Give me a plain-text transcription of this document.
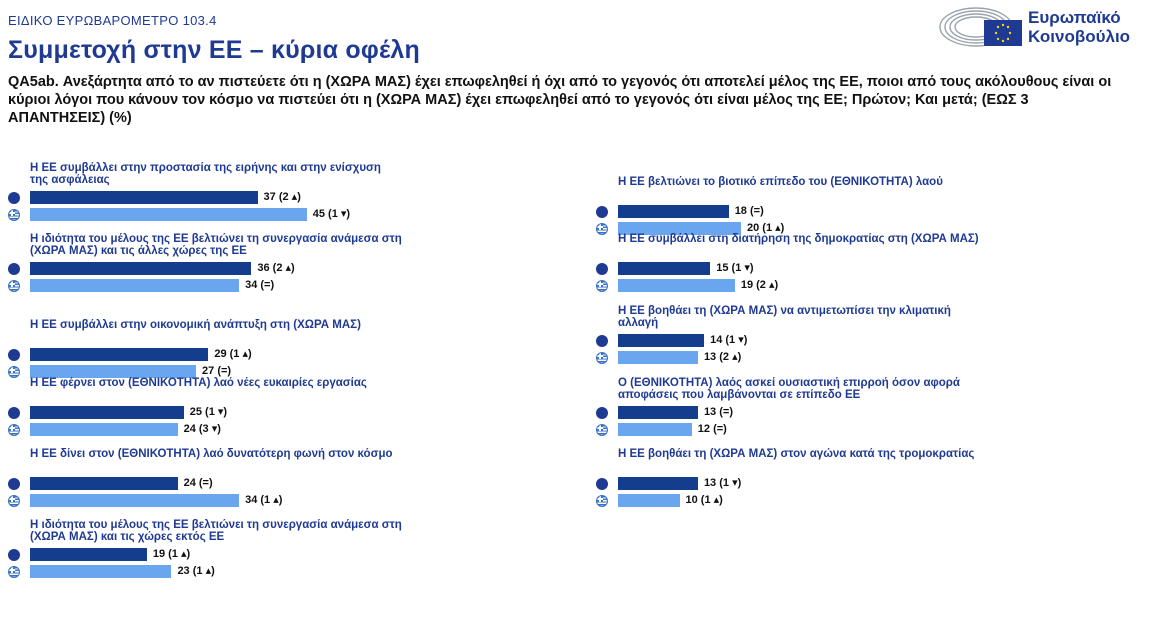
ΕΙΔΙΚΟ ΕΥΡΩΒΑΡΟΜΕΤΡΟ 103.4
Συμμετοχή στην ΕΕ – κύρια οφέλη
QA5ab. Ανεξάρτητα από το αν πιστεύετε ότι η (ΧΩΡΑ ΜΑΣ) έχει επωφεληθεί ή όχι από το γεγονός ότι αποτελεί μέλος της ΕΕ, ποιοι από τους ακόλουθους είναι οι κύριοι λόγοι που κάνουν τον κόσμο να πιστεύει ότι η (ΧΩΡΑ ΜΑΣ) έχει επωφεληθεί από το γεγονός ότι είναι μέλος της ΕΕ; Πρώτον; Και μετά; (ΕΩΣ 3 ΑΠΑΝΤΗΣΕΙΣ) (%)
Ευρωπαϊκό
Κοινοβούλιο
Η ΕΕ συμβάλλει στην προστασία της ειρήνης και στην ενίσχυση της ασφάλειας
37 (2 ▴)
45 (1 ▾)
Η ιδιότητα του μέλους της ΕΕ βελτιώνει τη συνεργασία ανάμεσα στη (ΧΩΡΑ ΜΑΣ) και τις άλλες χώρες της ΕΕ
36 (2 ▴)
34 (=)
Η ΕΕ συμβάλλει στην οικονομική ανάπτυξη στη (ΧΩΡΑ ΜΑΣ)
29 (1 ▴)
27 (=)
Η ΕΕ φέρνει στον (ΕΘΝΙΚΟΤΗΤΑ) λαό νέες ευκαιρίες εργασίας
25 (1 ▾)
24 (3 ▾)
Η ΕΕ δίνει στον (ΕΘΝΙΚΟΤΗΤΑ) λαό δυνατότερη φωνή στον κόσμο
24 (=)
34 (1 ▴)
Η ιδιότητα του μέλους της ΕΕ βελτιώνει τη συνεργασία ανάμεσα στη (ΧΩΡΑ ΜΑΣ) και τις χώρες εκτός ΕΕ
19 (1 ▴)
23 (1 ▴)
Η ΕΕ βελτιώνει το βιοτικό επίπεδο του (ΕΘΝΙΚΟΤΗΤΑ) λαού
18 (=)
20 (1 ▴)
Η ΕΕ συμβάλλει στη διατήρηση της δημοκρατίας στη (ΧΩΡΑ ΜΑΣ)
15 (1 ▾)
19 (2 ▴)
Η ΕΕ βοηθάει τη (ΧΩΡΑ ΜΑΣ) να αντιμετωπίσει την κλιματική αλλαγή
14 (1 ▾)
13 (2 ▴)
Ο (ΕΘΝΙΚΟΤΗΤΑ) λαός ασκεί ουσιαστική επιρροή όσον αφορά αποφάσεις που λαμβάνονται σε επίπεδο ΕΕ
13 (=)
12 (=)
Η ΕΕ βοηθάει τη (ΧΩΡΑ ΜΑΣ) στον αγώνα κατά της τρομοκρατίας
13 (1 ▾)
10 (1 ▴)
